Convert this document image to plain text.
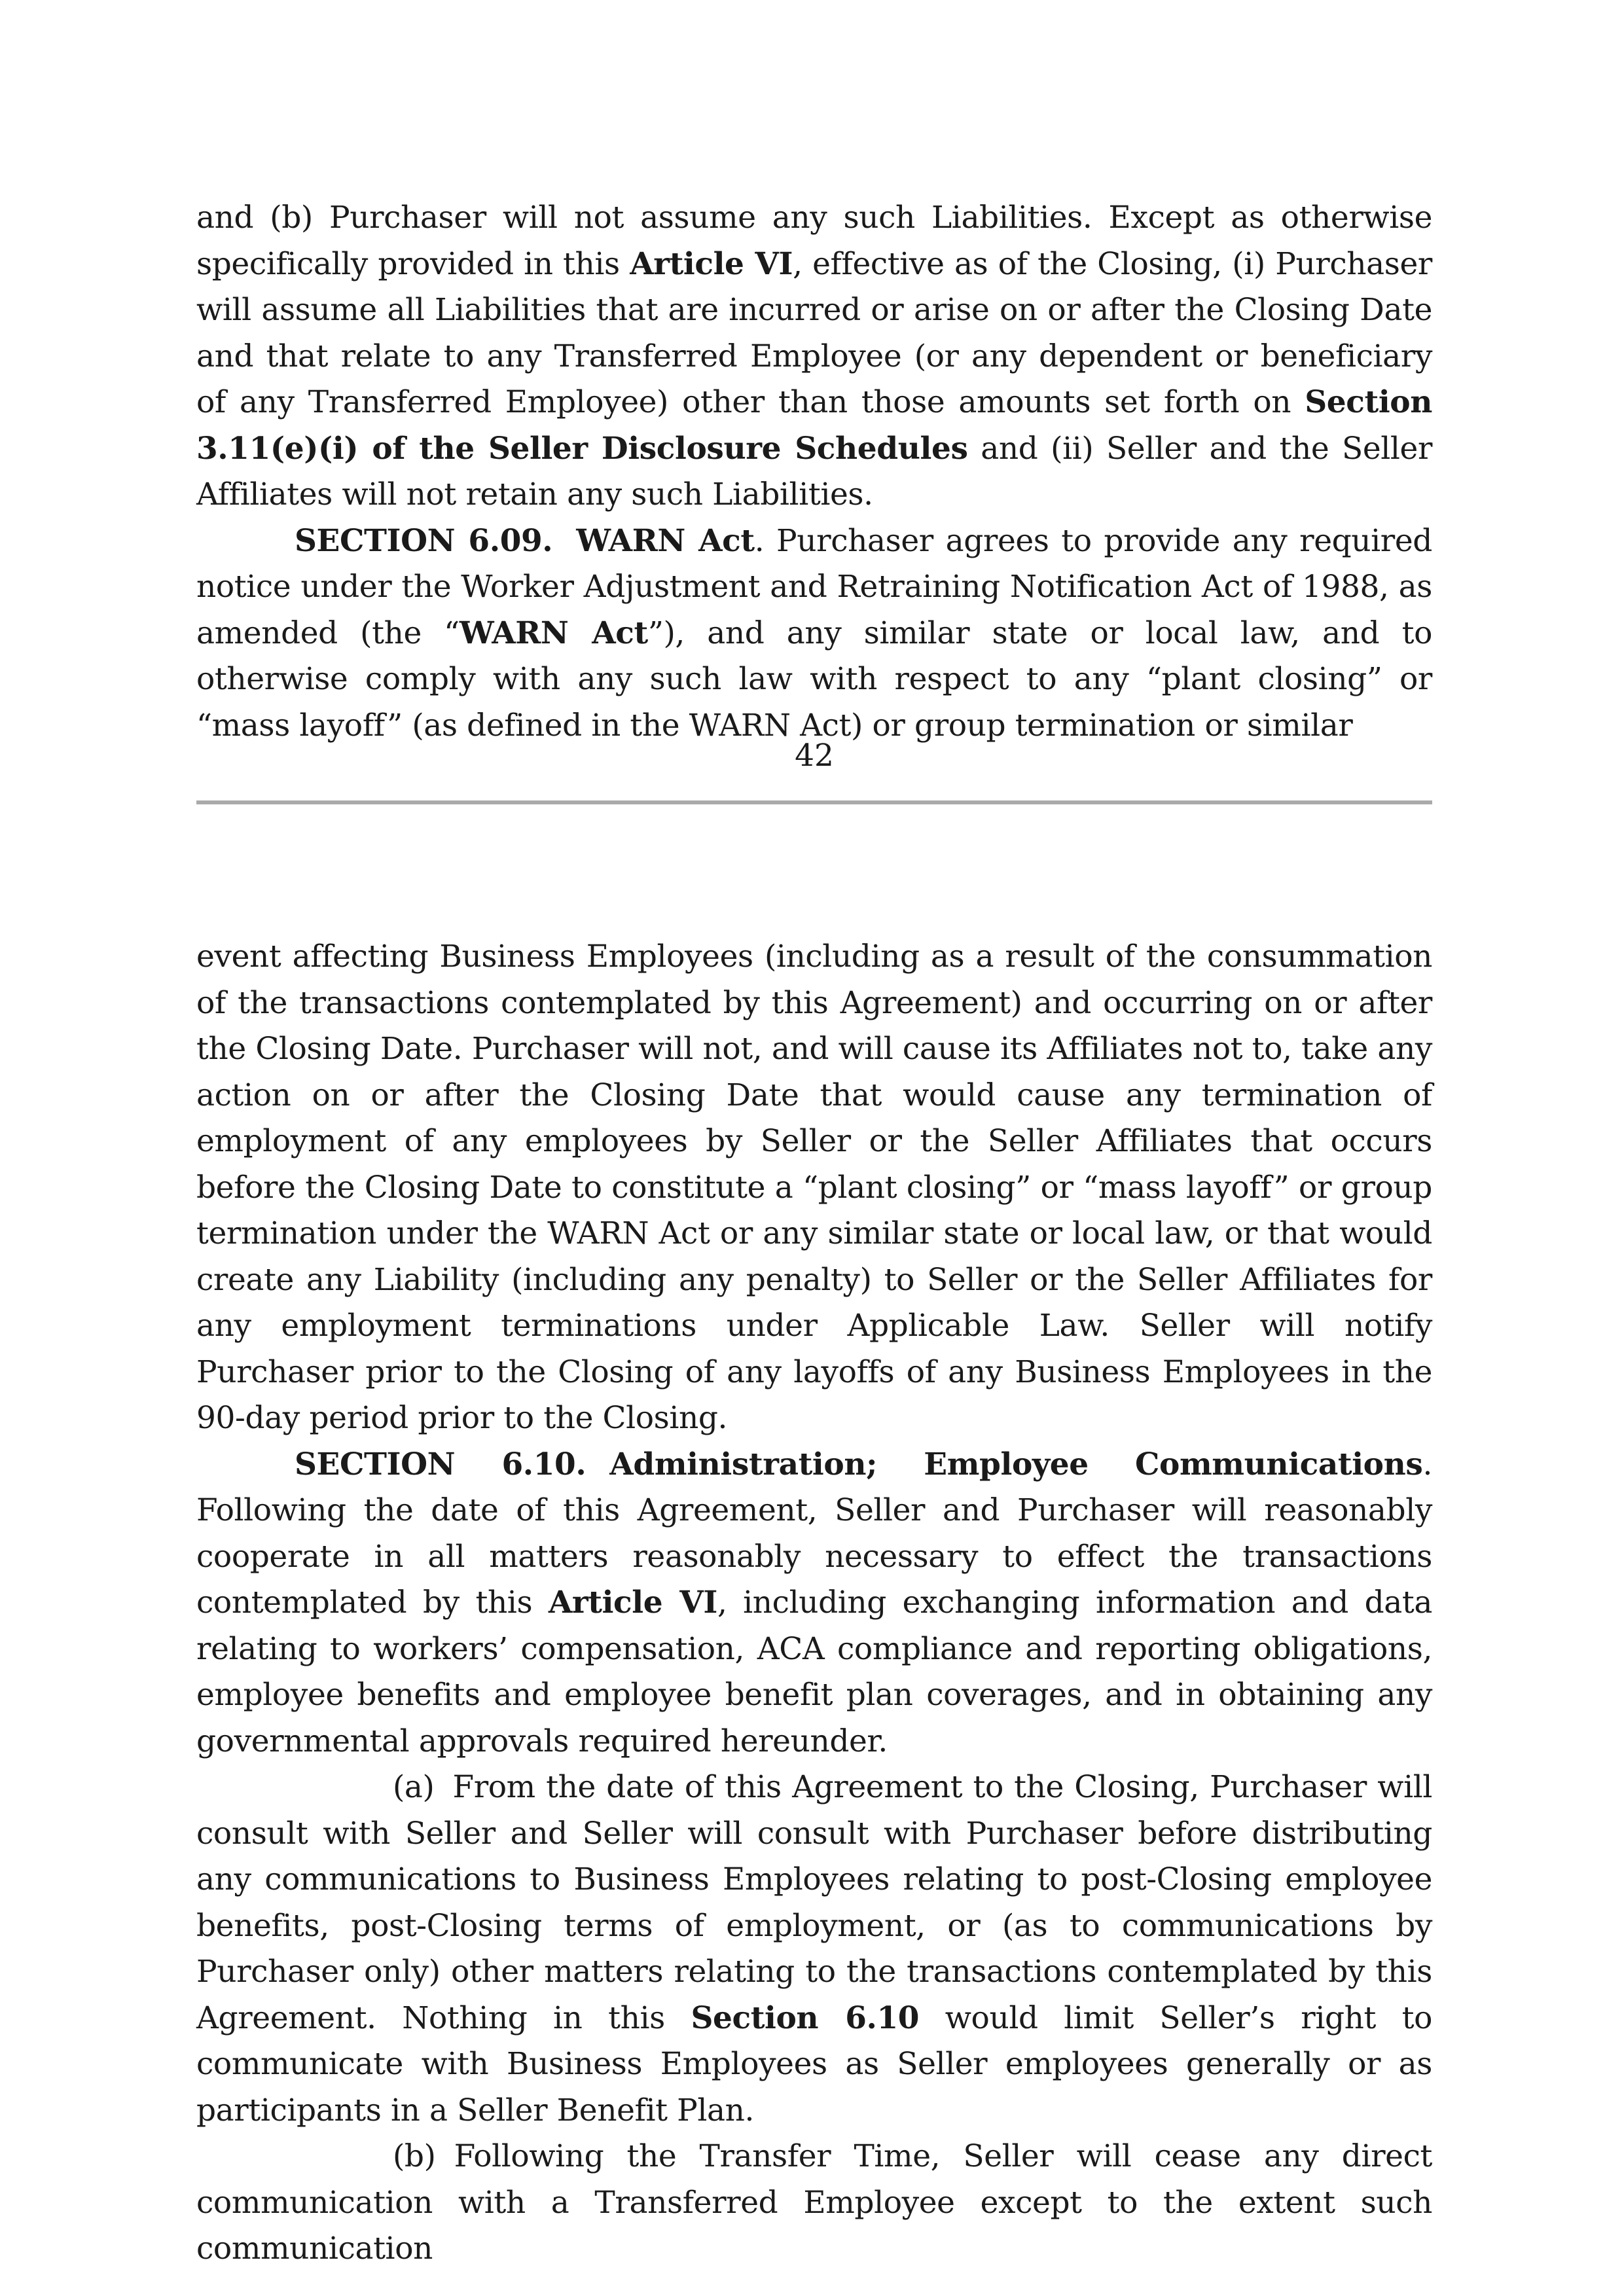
and (b) Purchaser will not assume any such Liabilities. Except as otherwise specifically provided in this Article VI, effective as of the Closing, (i) Purchaser will assume all Liabilities that are incurred or arise on or after the Closing Date and that relate to any Transferred Employee (or any dependent or beneficiary of any Transferred Employee) other than those amounts set forth on Section 3.11(e)(i) of the Seller Disclosure Schedules and (ii) Seller and the Seller Affiliates will not retain any such Liabilities.

SECTION 6.09. WARN Act. Purchaser agrees to provide any required notice under the Worker Adjustment and Retraining Notification Act of 1988, as amended (the “WARN Act”), and any similar state or local law, and to otherwise comply with any such law with respect to any “plant closing” or “mass layoff” (as defined in the WARN Act) or group termination or similar

42

event affecting Business Employees (including as a result of the consummation of the transactions contemplated by this Agreement) and occurring on or after the Closing Date. Purchaser will not, and will cause its Affiliates not to, take any action on or after the Closing Date that would cause any termination of employment of any employees by Seller or the Seller Affiliates that occurs before the Closing Date to constitute a “plant closing” or “mass layoff” or group termination under the WARN Act or any similar state or local law, or that would create any Liability (including any penalty) to Seller or the Seller Affiliates for any employment terminations under Applicable Law. Seller will notify Purchaser prior to the Closing of any layoffs of any Business Employees in the 90-day period prior to the Closing.

SECTION 6.10. Administration; Employee Communications. Following the date of this Agreement, Seller and Purchaser will reasonably cooperate in all matters reasonably necessary to effect the transactions contemplated by this Article VI, including exchanging information and data relating to workers’ compensation, ACA compliance and reporting obligations, employee benefits and employee benefit plan coverages, and in obtaining any governmental approvals required hereunder.

(a) From the date of this Agreement to the Closing, Purchaser will consult with Seller and Seller will consult with Purchaser before distributing any communications to Business Employees relating to post-Closing employee benefits, post-Closing terms of employment, or (as to communications by Purchaser only) other matters relating to the transactions contemplated by this Agreement. Nothing in this Section 6.10 would limit Seller’s right to communicate with Business Employees as Seller employees generally or as participants in a Seller Benefit Plan.

(b) Following the Transfer Time, Seller will cease any direct communication with a Transferred Employee except to the extent such communication
